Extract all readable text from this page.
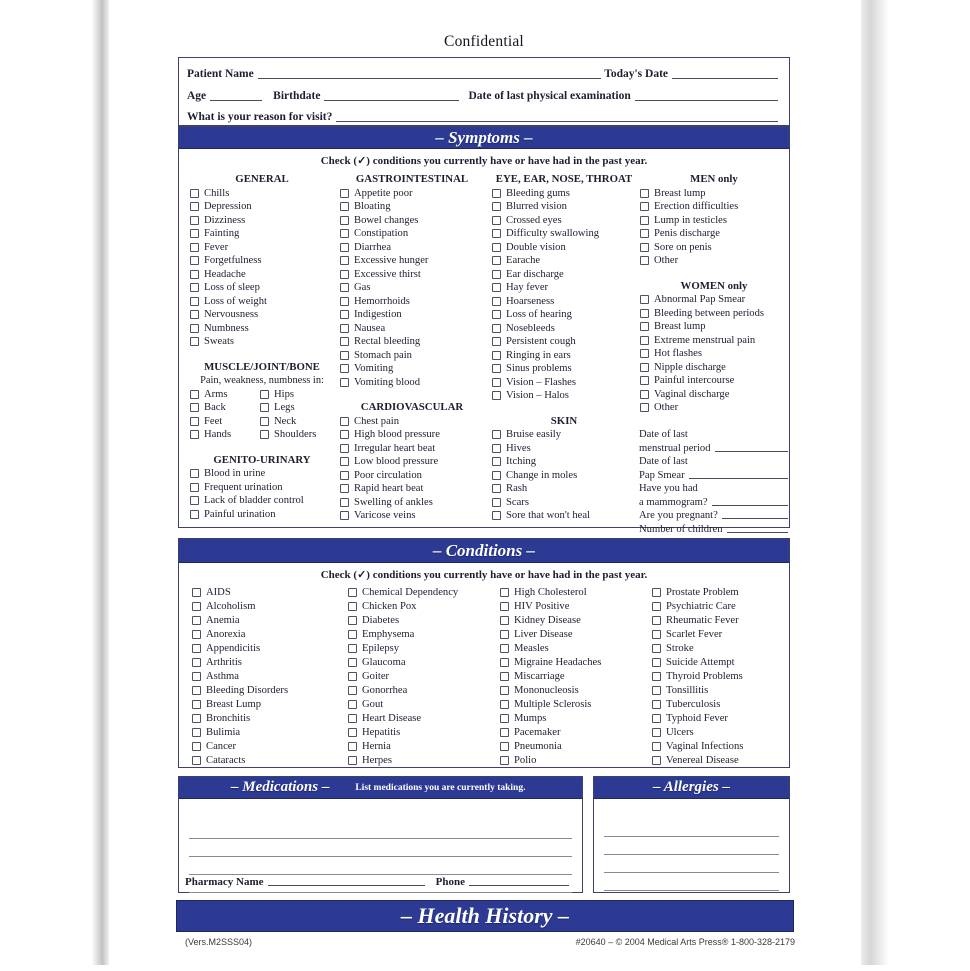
Confidential
Patient Name	Today's Date
Age	Birthdate	Date of last physical examination
What is your reason for visit?
– Symptoms –
Check (✓) conditions you currently have or have had in the past year.
GENERAL
Chills
Depression
Dizziness
Fainting
Fever
Forgetfulness
Headache
Loss of sleep
Loss of weight
Nervousness
Numbness
Sweats
MUSCLE/JOINT/BONE
Pain, weakness, numbness in:
Arms	Hips
Back	Legs
Feet	Neck
Hands	Shoulders
GENITO-URINARY
Blood in urine
Frequent urination
Lack of bladder control
Painful urination
GASTROINTESTINAL
Appetite poor
Bloating
Bowel changes
Constipation
Diarrhea
Excessive hunger
Excessive thirst
Gas
Hemorrhoids
Indigestion
Nausea
Rectal bleeding
Stomach pain
Vomiting
Vomiting blood
CARDIOVASCULAR
Chest pain
High blood pressure
Irregular heart beat
Low blood pressure
Poor circulation
Rapid heart beat
Swelling of ankles
Varicose veins
EYE, EAR, NOSE, THROAT
Bleeding gums
Blurred vision
Crossed eyes
Difficulty swallowing
Double vision
Earache
Ear discharge
Hay fever
Hoarseness
Loss of hearing
Nosebleeds
Persistent cough
Ringing in ears
Sinus problems
Vision – Flashes
Vision – Halos
SKIN
Bruise easily
Hives
Itching
Change in moles
Rash
Scars
Sore that won't heal
MEN only
Breast lump
Erection difficulties
Lump in testicles
Penis discharge
Sore on penis
Other
WOMEN only
Abnormal Pap Smear
Bleeding between periods
Breast lump
Extreme menstrual pain
Hot flashes
Nipple discharge
Painful intercourse
Vaginal discharge
Other
Date of last
menstrual period
Date of last
Pap Smear
Have you had
a mammogram?
Are you pregnant?
Number of children
– Conditions –
Check (✓) conditions you currently have or have had in the past year.
AIDS
Alcoholism
Anemia
Anorexia
Appendicitis
Arthritis
Asthma
Bleeding Disorders
Breast Lump
Bronchitis
Bulimia
Cancer
Cataracts
Chemical Dependency
Chicken Pox
Diabetes
Emphysema
Epilepsy
Glaucoma
Goiter
Gonorrhea
Gout
Heart Disease
Hepatitis
Hernia
Herpes
High Cholesterol
HIV Positive
Kidney Disease
Liver Disease
Measles
Migraine Headaches
Miscarriage
Mononucleosis
Multiple Sclerosis
Mumps
Pacemaker
Pneumonia
Polio
Prostate Problem
Psychiatric Care
Rheumatic Fever
Scarlet Fever
Stroke
Suicide Attempt
Thyroid Problems
Tonsillitis
Tuberculosis
Typhoid Fever
Ulcers
Vaginal Infections
Venereal Disease
– Medications –	List medications you are currently taking.
Pharmacy Name	Phone
– Allergies –
– Health History –
(Vers.M2SSS04)	#20640 – © 2004 Medical Arts Press® 1-800-328-2179
